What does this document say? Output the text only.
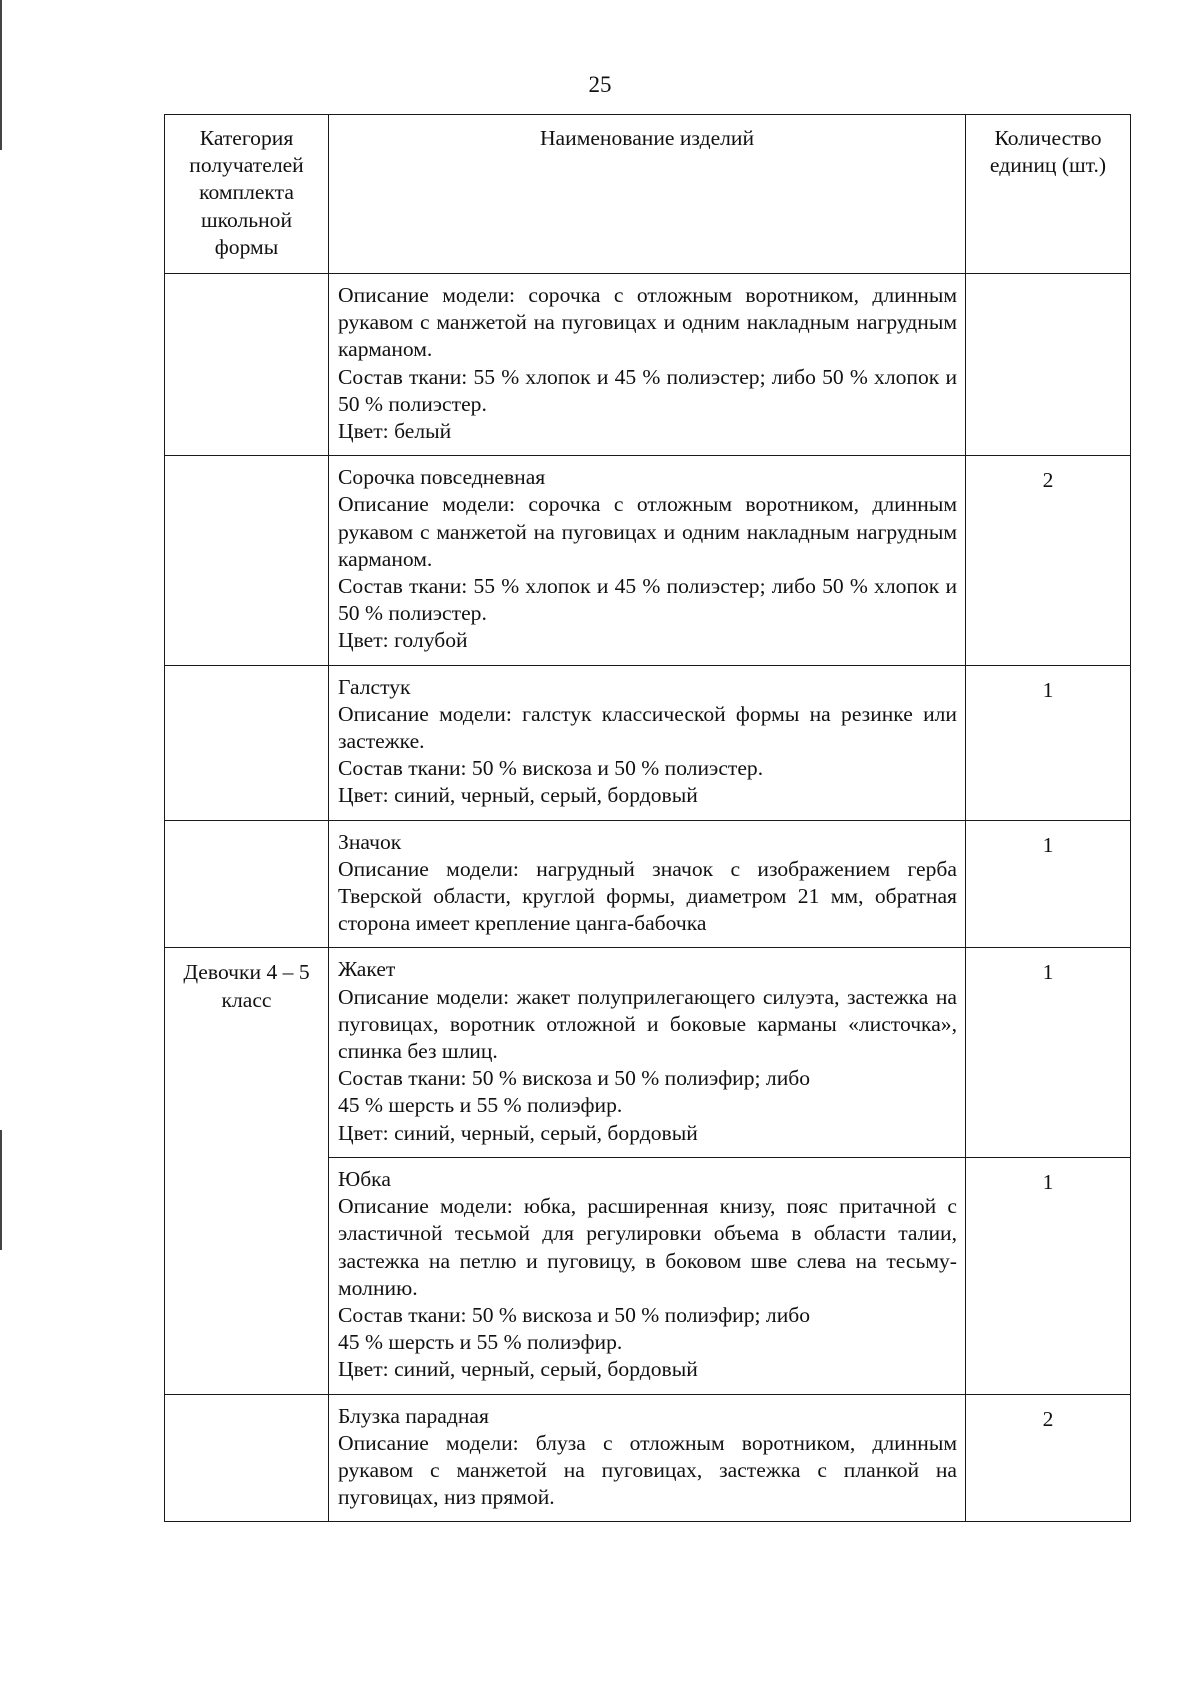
25
Категория получателей комплекта школьной формы	Наименование изделий	Количество единиц (шт.)

	Описание модели: сорочка с отложным воротником, длинным рукавом с манжетой на пуговицах и одним накладным нагрудным карманом.
Состав ткани: 55 % хлопок и 45 % полиэстер; либо 50 % хлопок и 50 % полиэстер.
Цвет: белый	

	Сорочка повседневная
Описание модели: сорочка с отложным воротником, длинным рукавом с манжетой на пуговицах и одним накладным нагрудным карманом.
Состав ткани: 55 % хлопок и 45 % полиэстер; либо 50 % хлопок и 50 % полиэстер.
Цвет: голубой	2

	Галстук
Описание модели: галстук классической формы на резинке или застежке.
Состав ткани: 50 % вискоза и 50 % полиэстер.
Цвет: синий, черный, серый, бордовый	1

	Значок
Описание модели: нагрудный значок с изображением герба Тверской области, круглой формы, диаметром 21 мм, обратная сторона имеет крепление цанга-бабочка	1
Девочки 4 – 5 класс	Жакет
Описание модели: жакет полуприлегающего силуэта, застежка на пуговицах, воротник отложной и боковые карманы «листочка», спинка без шлиц.
Состав ткани: 50 % вискоза и 50 % полиэфир; либо
45 % шерсть и 55 % полиэфир.
Цвет: синий, черный, серый, бордовый	1

	Юбка
Описание модели: юбка, расширенная книзу, пояс притачной с эластичной тесьмой для регулировки объема в области талии, застежка на петлю и пуговицу, в боковом шве слева на тесьму-молнию.
Состав ткани: 50 % вискоза и 50 % полиэфир; либо
45 % шерсть и 55 % полиэфир.
Цвет: синий, черный, серый, бордовый	1

	Блузка парадная
Описание модели: блуза с отложным воротником, длинным рукавом с манжетой на пуговицах, застежка с планкой на пуговицах, низ прямой.	2
